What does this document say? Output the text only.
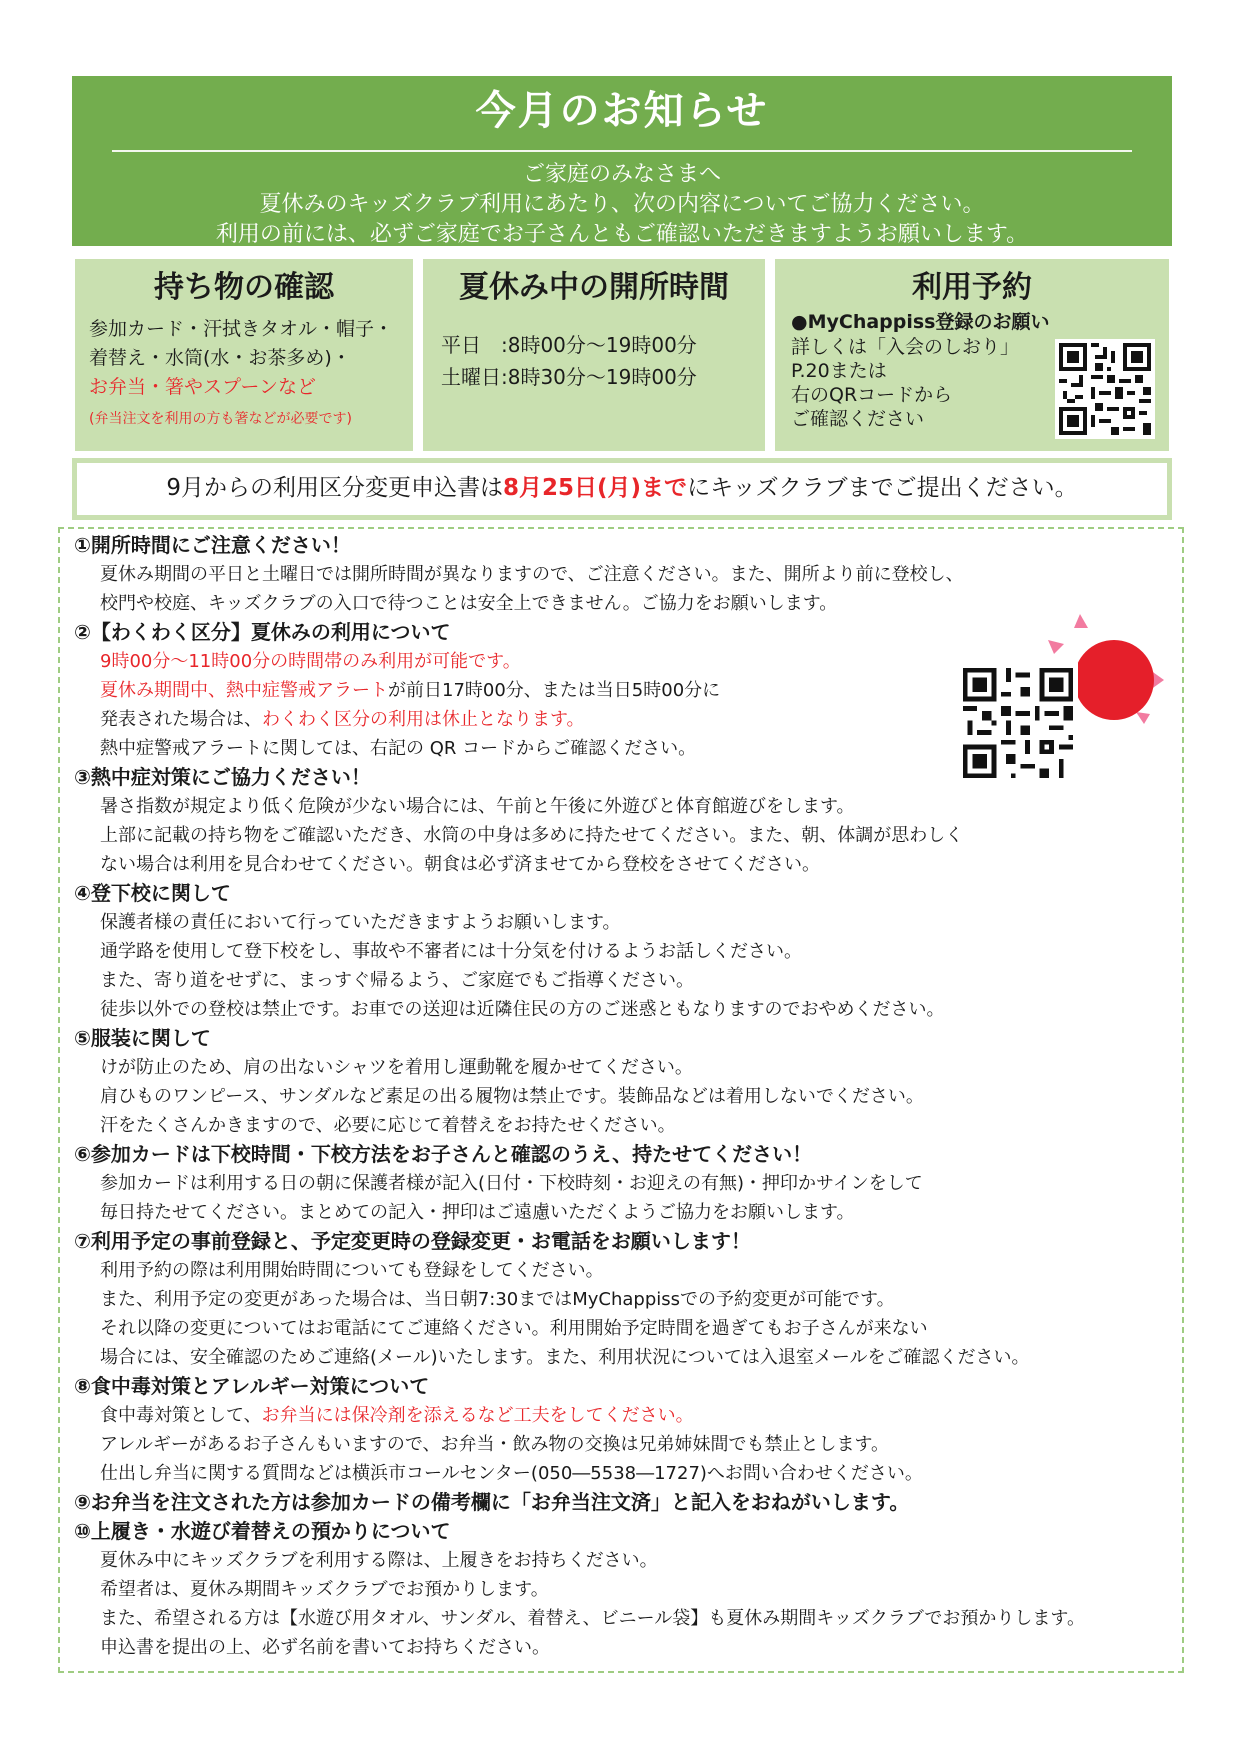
今月のお知らせ
ご家庭のみなさまへ
夏休みのキッズクラブ利用にあたり、次の内容についてご協力ください。
利用の前には、必ずご家庭でお子さんともご確認いただきますようお願いします。
持ち物の確認
参加カード・汗拭きタオル・帽子・
着替え・水筒(水・お茶多め)・
お弁当・箸やスプーンなど
(弁当注文を利用の方も箸などが必要です)
夏休み中の開所時間
平日　:8時00分～19時00分
土曜日:8時30分～19時00分
利用予約
●MyChappiss登録のお願い
詳しくは「入会のしおり」
P.20または
右のQRコードから
ご確認ください
9月からの利用区分変更申込書は8月25日(月)までにキッズクラブまでご提出ください。
①開所時間にご注意ください！
夏休み期間の平日と土曜日では開所時間が異なりますので、ご注意ください。また、開所より前に登校し、
校門や校庭、キッズクラブの入口で待つことは安全上できません。ご協力をお願いします。
②【わくわく区分】夏休みの利用について
9時00分～11時00分の時間帯のみ利用が可能です。
夏休み期間中、熱中症警戒アラートが前日17時00分、または当日5時00分に
発表された場合は、わくわく区分の利用は休止となります。
熱中症警戒アラートに関しては、右記の QR コードからご確認ください。
③熱中症対策にご協力ください！
暑さ指数が規定より低く危険が少ない場合には、午前と午後に外遊びと体育館遊びをします。
上部に記載の持ち物をご確認いただき、水筒の中身は多めに持たせてください。また、朝、体調が思わしく
ない場合は利用を見合わせてください。朝食は必ず済ませてから登校をさせてください。
④登下校に関して
保護者様の責任において行っていただきますようお願いします。
通学路を使用して登下校をし、事故や不審者には十分気を付けるようお話しください。
また、寄り道をせずに、まっすぐ帰るよう、ご家庭でもご指導ください。
徒歩以外での登校は禁止です。お車での送迎は近隣住民の方のご迷惑ともなりますのでおやめください。
⑤服装に関して
けが防止のため、肩の出ないシャツを着用し運動靴を履かせてください。
肩ひものワンピース、サンダルなど素足の出る履物は禁止です。装飾品などは着用しないでください。
汗をたくさんかきますので、必要に応じて着替えをお持たせください。
⑥参加カードは下校時間・下校方法をお子さんと確認のうえ、持たせてください！
参加カードは利用する日の朝に保護者様が記入(日付・下校時刻・お迎えの有無)・押印かサインをして
毎日持たせてください。まとめての記入・押印はご遠慮いただくようご協力をお願いします。
⑦利用予定の事前登録と、予定変更時の登録変更・お電話をお願いします！
利用予約の際は利用開始時間についても登録をしてください。
また、利用予定の変更があった場合は、当日朝7:30まではMyChappissでの予約変更が可能です。
それ以降の変更についてはお電話にてご連絡ください。利用開始予定時間を過ぎてもお子さんが来ない
場合には、安全確認のためご連絡(メール)いたします。また、利用状況については入退室メールをご確認ください。
⑧食中毒対策とアレルギー対策について
食中毒対策として、お弁当には保冷剤を添えるなど工夫をしてください。
アレルギーがあるお子さんもいますので、お弁当・飲み物の交換は兄弟姉妹間でも禁止とします。
仕出し弁当に関する質問などは横浜市コールセンター(050―5538―1727)へお問い合わせください。
⑨お弁当を注文された方は参加カードの備考欄に「お弁当注文済」と記入をおねがいします。
⑩上履き・水遊び着替えの預かりについて
夏休み中にキッズクラブを利用する際は、上履きをお持ちください。
希望者は、夏休み期間キッズクラブでお預かりします。
また、希望される方は【水遊び用タオル、サンダル、着替え、ビニール袋】も夏休み期間キッズクラブでお預かりします。
申込書を提出の上、必ず名前を書いてお持ちください。
